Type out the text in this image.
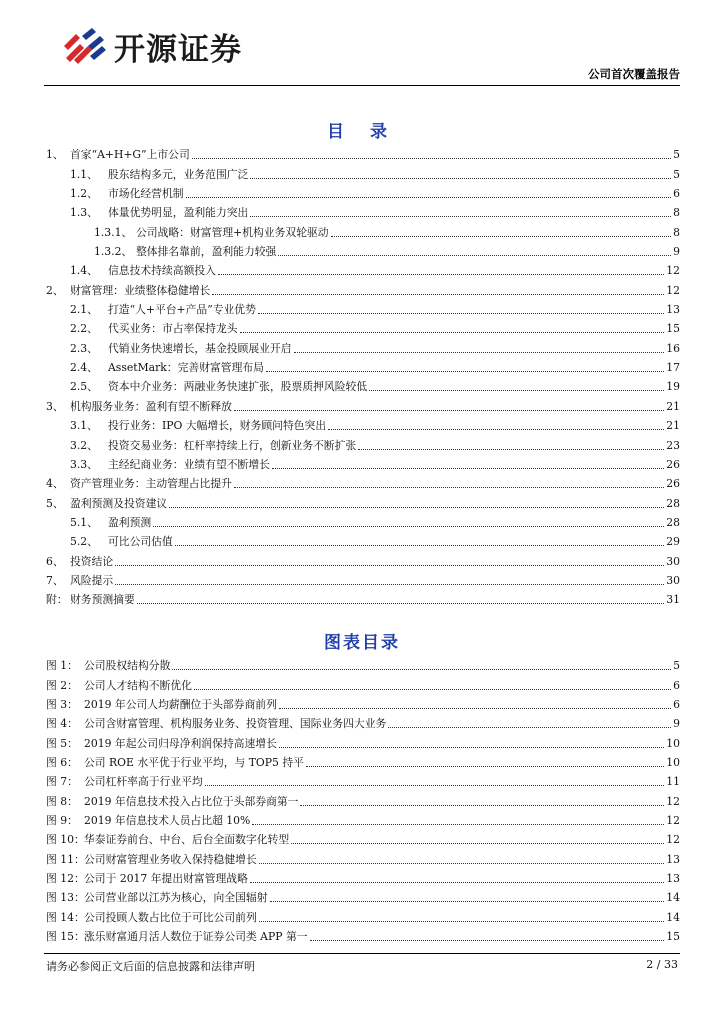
开源证券
公司首次覆盖报告
目 录
1、 首家“A+H+G”上市公司	5
1.1、 股东结构多元，业务范围广泛	5
1.2、 市场化经营机制	6
1.3、 体量优势明显，盈利能力突出	8
1.3.1、 公司战略：财富管理+机构业务双轮驱动	8
1.3.2、 整体排名靠前，盈利能力较强	9
1.4、 信息技术持续高额投入	12
2、 财富管理：业绩整体稳健增长	12
2.1、 打造“人+平台+产品”专业优势	13
2.2、 代买业务：市占率保持龙头	15
2.3、 代销业务快速增长，基金投顾展业开启	16
2.4、 AssetMark：完善财富管理布局	17
2.5、 资本中介业务：两融业务快速扩张，股票质押风险较低	19
3、 机构服务业务：盈利有望不断释放	21
3.1、 投行业务：IPO 大幅增长，财务顾问特色突出	21
3.2、 投资交易业务：杠杆率持续上行，创新业务不断扩张	23
3.3、 主经纪商业务：业绩有望不断增长	26
4、 资产管理业务：主动管理占比提升	26
5、 盈利预测及投资建议	28
5.1、 盈利预测	28
5.2、 可比公司估值	29
6、 投资结论	30
7、 风险提示	30
附： 财务预测摘要	31
图表目录
图 1： 公司股权结构分散	5
图 2： 公司人才结构不断优化	6
图 3： 2019 年公司人均薪酬位于头部券商前列	6
图 4： 公司含财富管理、机构服务业务、投资管理、国际业务四大业务	9
图 5： 2019 年起公司归母净利润保持高速增长	10
图 6： 公司 ROE 水平优于行业平均，与 TOP5 持平	10
图 7： 公司杠杆率高于行业平均	11
图 8： 2019 年信息技术投入占比位于头部券商第一	12
图 9： 2019 年信息技术人员占比超 10%	12
图 10： 华泰证券前台、中台、后台全面数字化转型	12
图 11： 公司财富管理业务收入保持稳健增长	13
图 12： 公司于 2017 年提出财富管理战略	13
图 13： 公司营业部以江苏为核心，向全国辐射	14
图 14： 公司投顾人数占比位于可比公司前列	14
图 15： 涨乐财富通月活人数位于证券公司类 APP 第一	15
请务必参阅正文后面的信息披露和法律声明	2 / 33
